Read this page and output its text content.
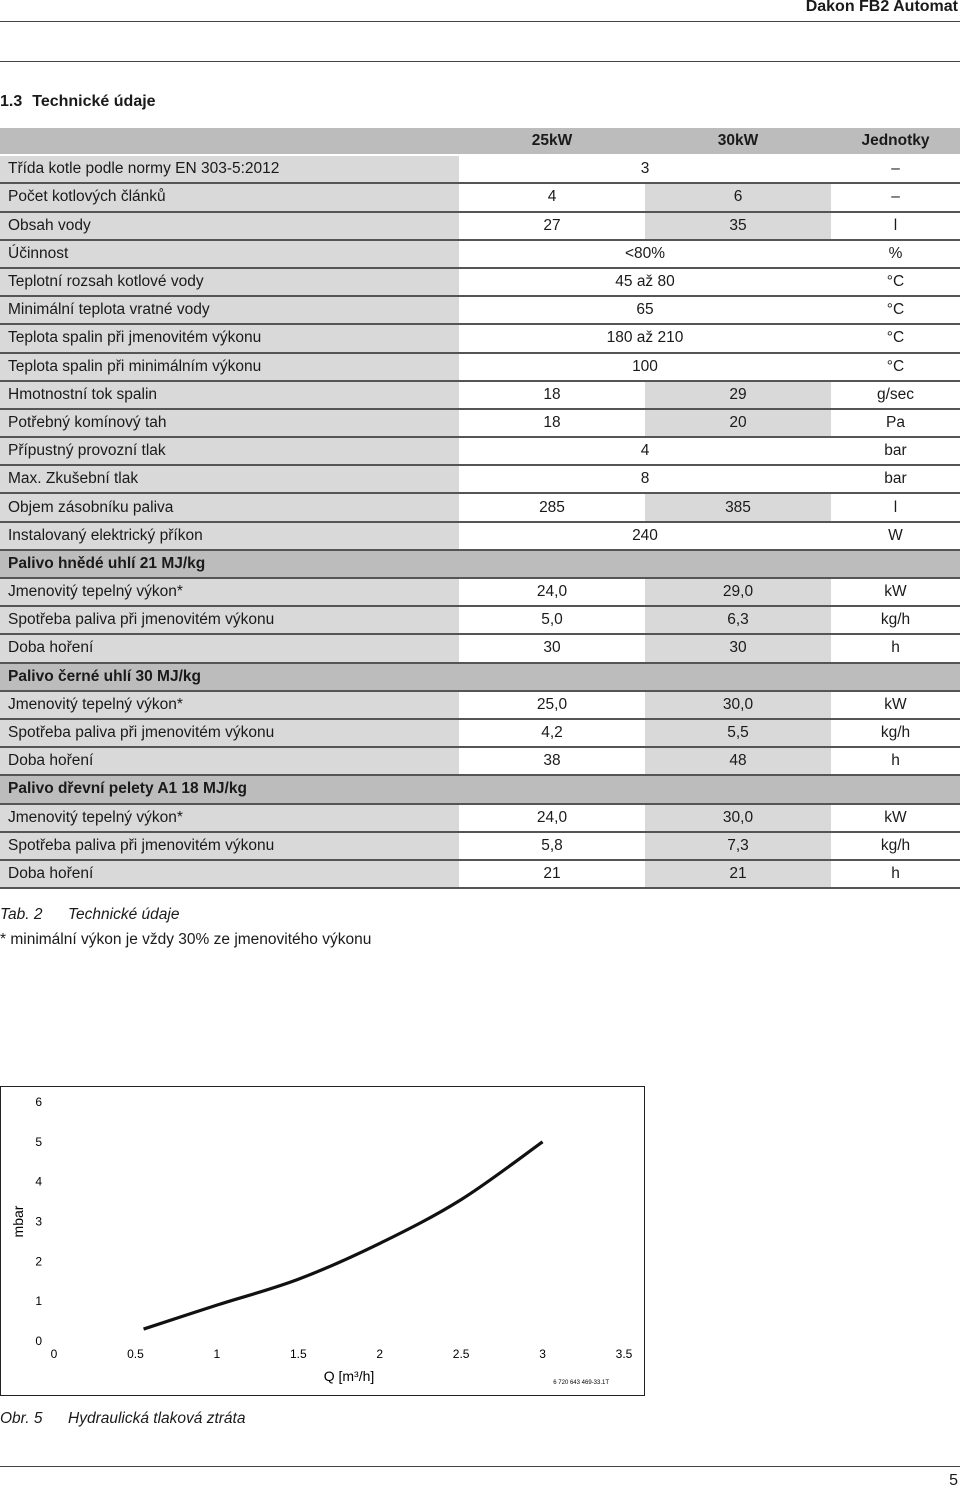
Dakon FB2 Automat
1.3 Technické údaje
	25kW	30kW	Jednotky
Třída kotle podle normy EN 303-5:2012	3		–
Počet kotlových článků	4	6	–
Obsah vody	27	35	l
Účinnost	<80%		%
Teplotní rozsah kotlové vody	45 až 80		°C
Minimální teplota vratné vody	65		°C
Teplota spalin při jmenovitém výkonu	180 až 210		°C
Teplota spalin při minimálním výkonu	100		°C
Hmotnostní tok spalin	18	29	g/sec
Potřebný komínový tah	18	20	Pa
Přípustný provozní tlak	4		bar
Max. Zkušební tlak	8		bar
Objem zásobníku paliva	285	385	l
Instalovaný elektrický příkon	240		W
Palivo hnědé uhlí 21 MJ/kg			
Jmenovitý tepelný výkon*	24,0	29,0	kW
Spotřeba paliva při jmenovitém výkonu	5,0	6,3	kg/h
Doba hoření	30	30	h
Palivo černé uhlí 30 MJ/kg			
Jmenovitý tepelný výkon*	25,0	30,0	kW
Spotřeba paliva při jmenovitém výkonu	4,2	5,5	kg/h
Doba hoření	38	48	h
Palivo dřevní pelety A1 18 MJ/kg			
Jmenovitý tepelný výkon*	24,0	30,0	kW
Spotřeba paliva při jmenovitém výkonu	5,8	7,3	kg/h
Doba hoření	21	21	h
Tab. 2 Technické údaje
* minimální výkon je vždy 30% ze jmenovitého výkonu
0
1
2
3
4
5
6
0	0.5	1	1.5	2	2.5	3	3.5
mbar
Q [m³/h]	6 720 643 469-33.1T
Obr. 5 Hydraulická tlaková ztráta
5
